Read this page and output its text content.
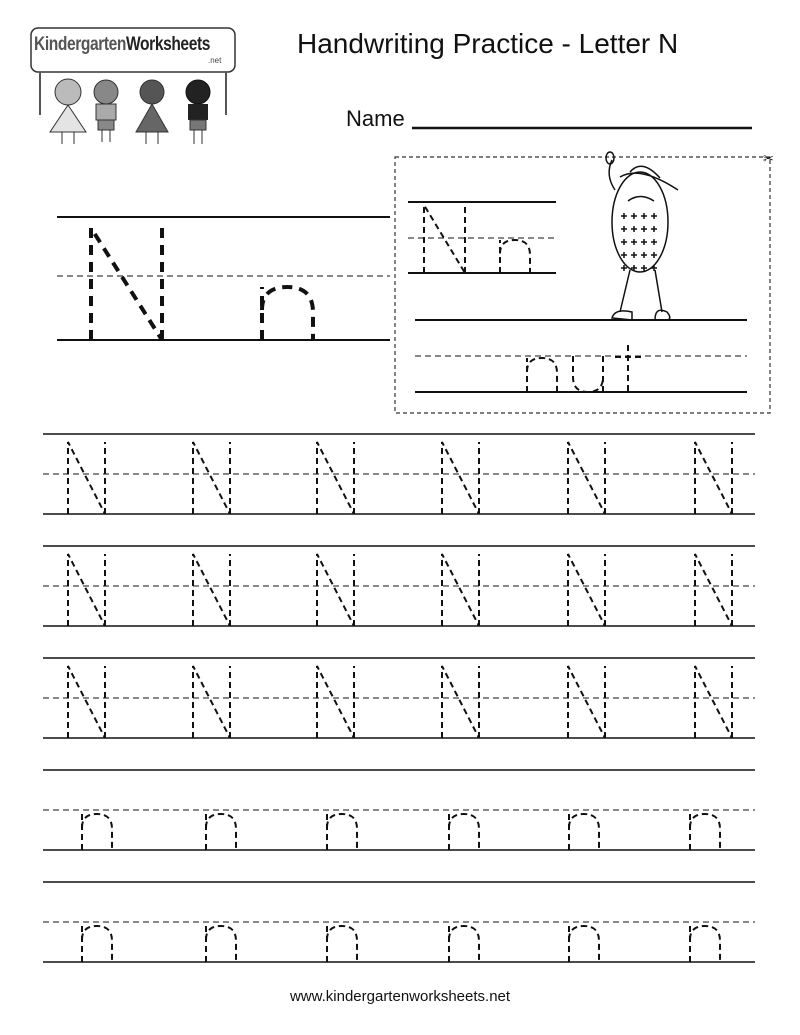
KindergartenWorksheets
.net
Handwriting Practice - Letter N
Name
✂
www.kindergartenworksheets.net
